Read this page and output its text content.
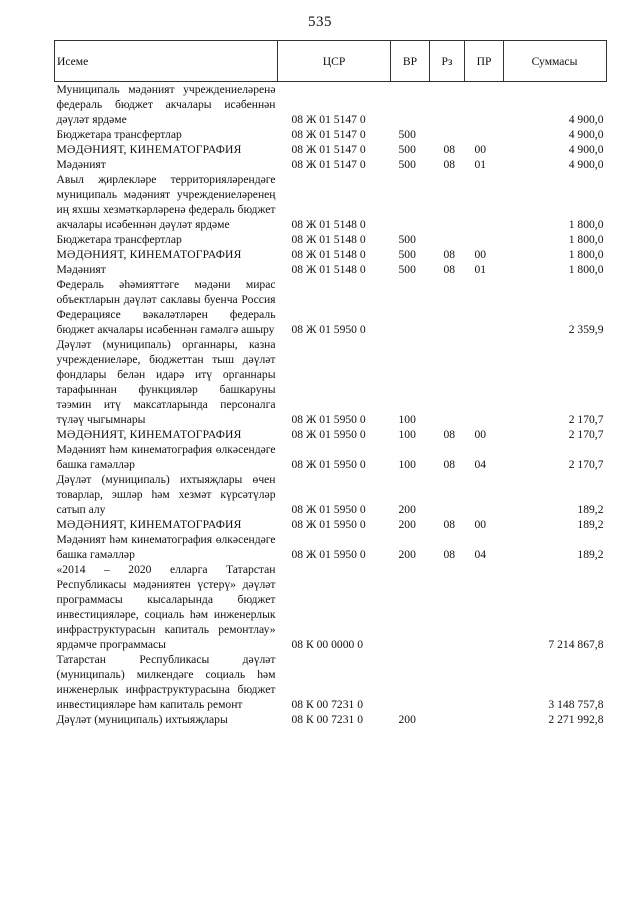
535
Исеме	ЦСР	ВР	Рз	ПР	Суммасы
Муниципаль мәдәният учреждениеләренә федераль бюджет акчалары исәбеннән дәүләт ярдәме	08 Ж 01 5147 0				4 900,0
Бюджетара трансфертлар	08 Ж 01 5147 0	500			4 900,0
МӘДӘНИЯТ, КИНЕМАТОГРАФИЯ	08 Ж 01 5147 0	500	08	00	4 900,0
Мәдәният	08 Ж 01 5147 0	500	08	01	4 900,0
Авыл җирлекләре территорияләрендәге муниципаль мәдәният учреждениеләренең иң яхшы хезмәткәрләренә федераль бюджет акчалары исәбеннән дәүләт ярдәме	08 Ж 01 5148 0				1 800,0
Бюджетара трансфертлар	08 Ж 01 5148 0	500			1 800,0
МӘДӘНИЯТ, КИНЕМАТОГРАФИЯ	08 Ж 01 5148 0	500	08	00	1 800,0
Мәдәният	08 Ж 01 5148 0	500	08	01	1 800,0
Федераль әһәмияттәге мәдәни мирас объектларын дәүләт саклавы буенча Россия Федерациясе вәкаләтләрен федераль бюджет акчалары исәбеннән гамәлгә ашыру	08 Ж 01 5950 0				2 359,9
Дәүләт (муниципаль) органнары, казна учреждениеләре, бюджеттан тыш дәүләт фондлары белән идарә итү органнары тарафыннан функцияләр башкаруны тәэмин итү максатларында персоналга түләү чыгымнары	08 Ж 01 5950 0	100			2 170,7
МӘДӘНИЯТ, КИНЕМАТОГРАФИЯ	08 Ж 01 5950 0	100	08	00	2 170,7
Мәдәният һәм кинематография өлкәсендәге башка гамәлләр	08 Ж 01 5950 0	100	08	04	2 170,7
Дәүләт (муниципаль) ихтыяҗлары өчен товарлар, эшләр һәм хезмәт күрсәтүләр сатып алу	08 Ж 01 5950 0	200			189,2
МӘДӘНИЯТ, КИНЕМАТОГРАФИЯ	08 Ж 01 5950 0	200	08	00	189,2
Мәдәният һәм кинематография өлкәсендәге башка гамәлләр	08 Ж 01 5950 0	200	08	04	189,2
«2014 – 2020 елларга Татарстан Республикасы мәдәниятен үстерү» дәүләт программасы кысаларында бюджет инвестицияләре, социаль һәм инженерлык инфраструктурасын капиталь ремонтлау» ярдәмче программасы	08 К 00 0000 0				7 214 867,8
Татарстан Республикасы дәүләт (муниципаль) милкендәге социаль һәм инженерлык инфраструктурасына бюджет инвестицияләре һәм капиталь ремонт	08 К 00 7231 0				3 148 757,8
Дәүләт (муниципаль) ихтыяҗлары	08 К 00 7231 0	200			2 271 992,8
